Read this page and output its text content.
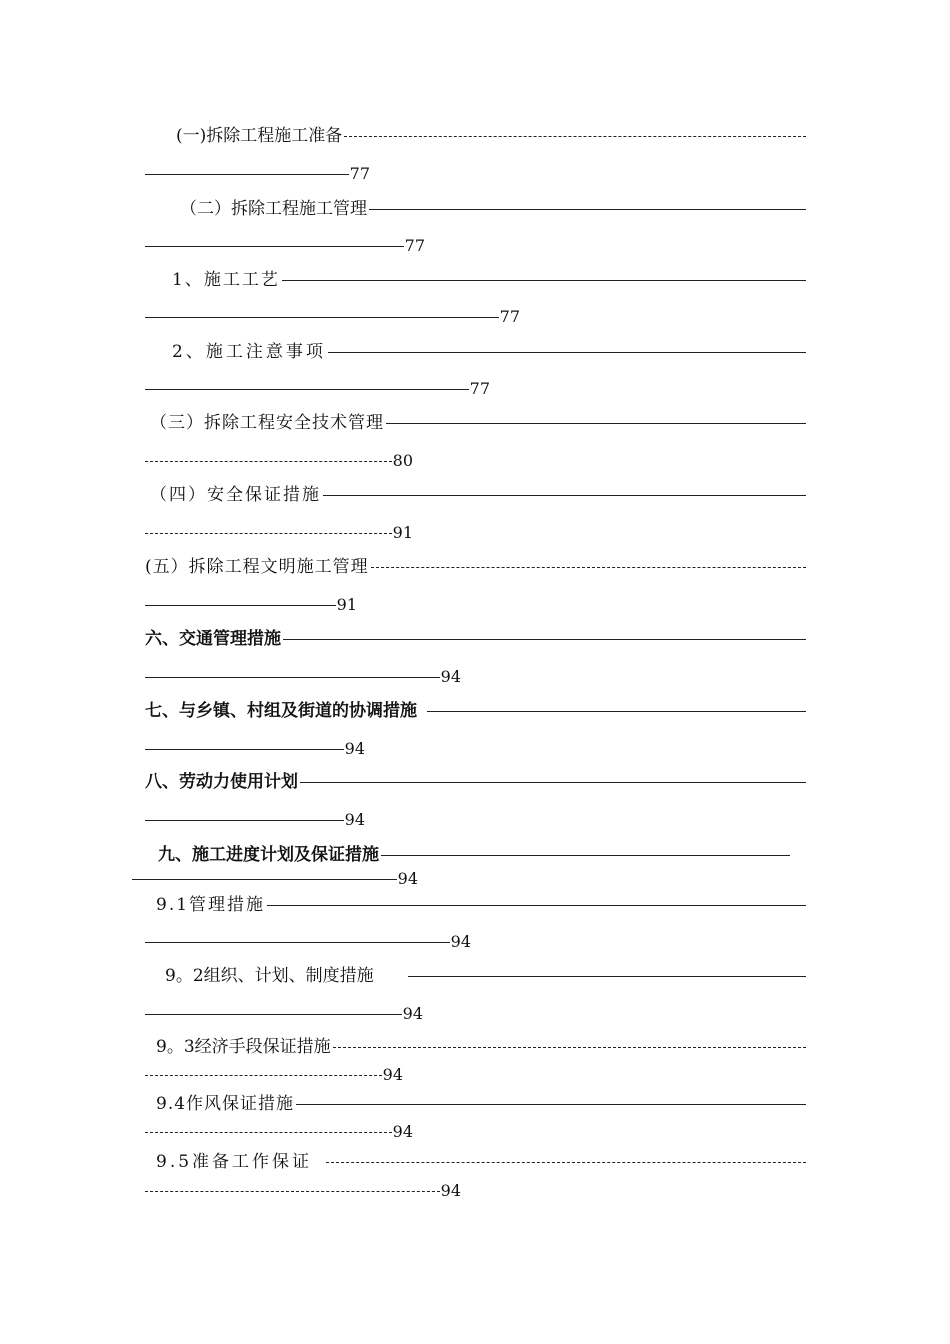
(一)拆除工程施工准备
77
（二）拆除工程施工管理
77
1、施工工艺
77
2、施工注意事项
77
（三）拆除工程安全技术管理
80
（四）安全保证措施
91
(五）拆除工程文明施工管理
91
六、交通管理措施
94
七、与乡镇、村组及街道的协调措施
94
八、劳动力使用计划
94
九、施工进度计划及保证措施
94
9.1管理措施
94
9。2组织、计划、制度措施
94
9。3经济手段保证措施
94
9.4作风保证措施
94
9.5准备工作保证
94
